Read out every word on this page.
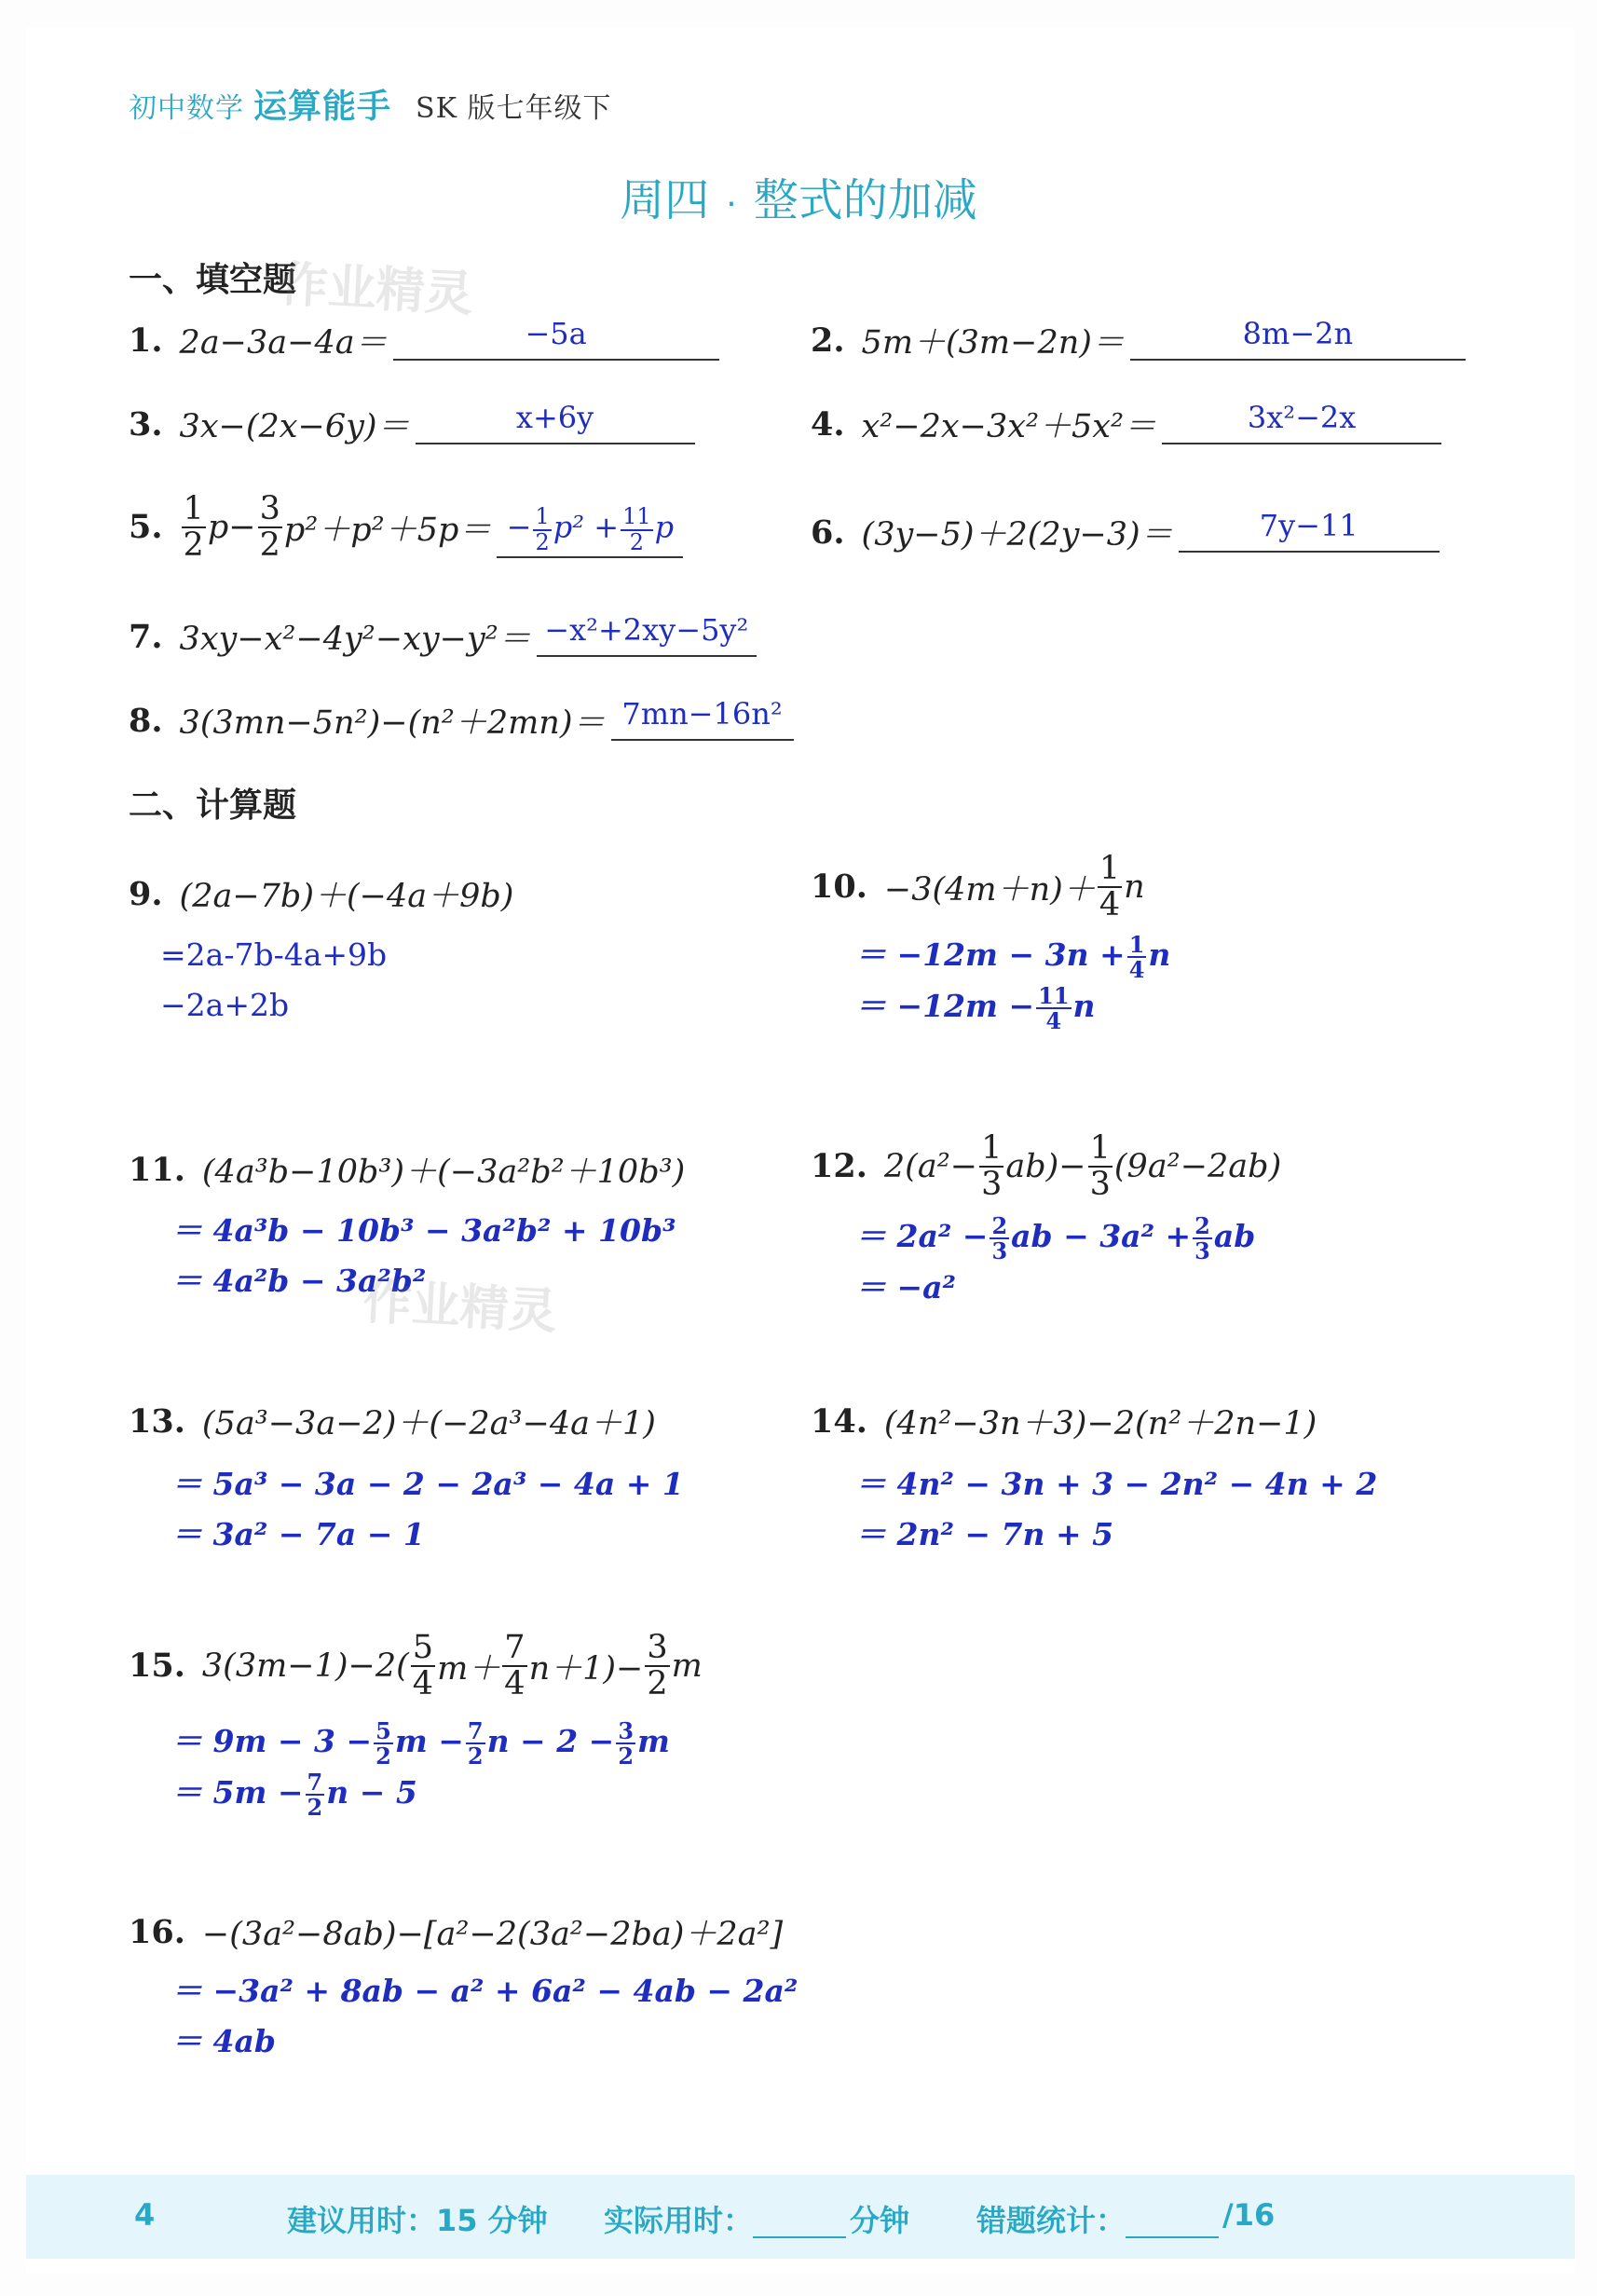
初中数学 运算能手 SK 版七年级下
周四 · 整式的加减
一、填空题
作业精灵
1. 2a−3a−4a＝	−5a	2. 5m＋(3m−2n)＝	8m−2n
3. 3x−(2x−6y)＝	x+6y	4. x²−2x−3x²＋5x²＝	3x²−2x
5. $\frac{1}{2} p- \frac{3}{2} p^2+p^2+5p= - \frac{1}{2} p^2 + \frac{11}{2}$ p	6. (3y−5)＋2(2y−3)＝	7y−11
7. 3xy−x²−4y²−xy−y²＝ −x²+2xy−5y²
8. 3(3mn−5n²)−(n²＋2mn)＝ 7mn−16n²
二、计算题
9. (2a−7b)＋(−4a＋9b)
=2a-7b-4a+9b
−2a+2b
10. $-3(4m+n)+ \frac{1}{4}$ n
＝ $-12m - 3n + \frac{1}{4}$ n
＝ $-12m - \frac{11}{4}$ n
11. (4a³b−10b³)＋(−3a²b²＋10b³)
＝ 4a³b − 10b³ − 3a²b² + 10b³
＝ 4a²b − 3a²b²
作业精灵
12. $2(a^2- \frac{1}{3} ab)- \frac{1}{3} (9a^2-2ab)$
＝ $2a^2 - \frac{2}{3}$ ab − $3a^2 + \frac{2}{3}$ ab
＝ −a²
13. (5a³−3a−2)＋(−2a³−4a＋1)
＝ 5a³ − 3a − 2 − 2a³ − 4a + 1
＝ 3a² − 7a − 1
14. (4n²−3n＋3)−2(n²＋2n−1)
＝ 4n² − 3n + 3 − 2n² − 4n + 2
＝ 2n² − 7n + 5
15. $3(3m-1)-2( \frac{5}{4} m+ \frac{7}{4} n+1)- \frac{3}{2}$ m
＝ $9m - 3 - \frac{5}{2}$ $m - \frac{7}{2}$ $n - 2 - \frac{3}{2}$ m
＝ $5m - \frac{7}{2}$ n − 5
16. −(3a²−8ab)−[a²−2(3a²−2ba)＋2a²]
＝ −3a² + 8ab − a² + 6a² − 4ab − 2a²
＝ 4ab
4	建议用时：15 分钟 实际用时：	分钟 错题统计：	/16
